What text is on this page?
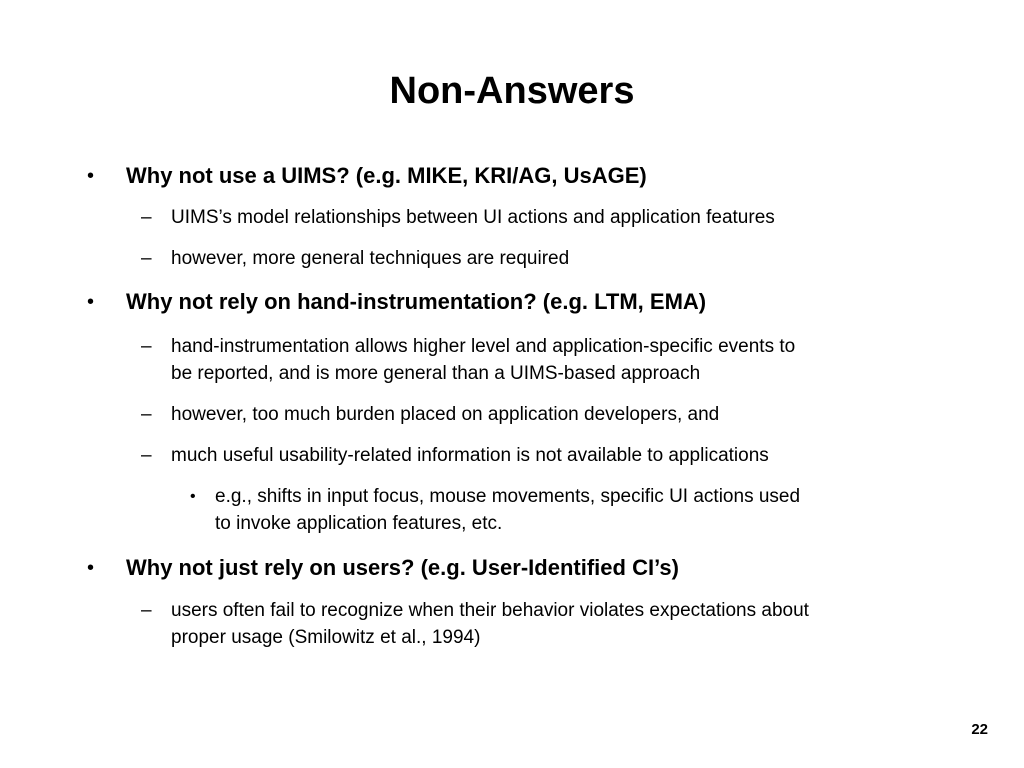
Non-Answers
• Why not use a UIMS? (e.g. MIKE, KRI/AG, UsAGE)
– UIMS’s model relationships between UI actions and application features
– however, more general techniques are required
• Why not rely on hand-instrumentation? (e.g. LTM, EMA)
– hand-instrumentation allows higher level and application-specific events to
be reported, and is more general than a UIMS-based approach
– however, too much burden placed on application developers, and
– much useful usability-related information is not available to applications
• e.g., shifts in input focus, mouse movements, specific UI actions used
to invoke application features, etc.
• Why not just rely on users? (e.g. User-Identified CI’s)
– users often fail to recognize when their behavior violates expectations about
proper usage (Smilowitz et al., 1994)
22
